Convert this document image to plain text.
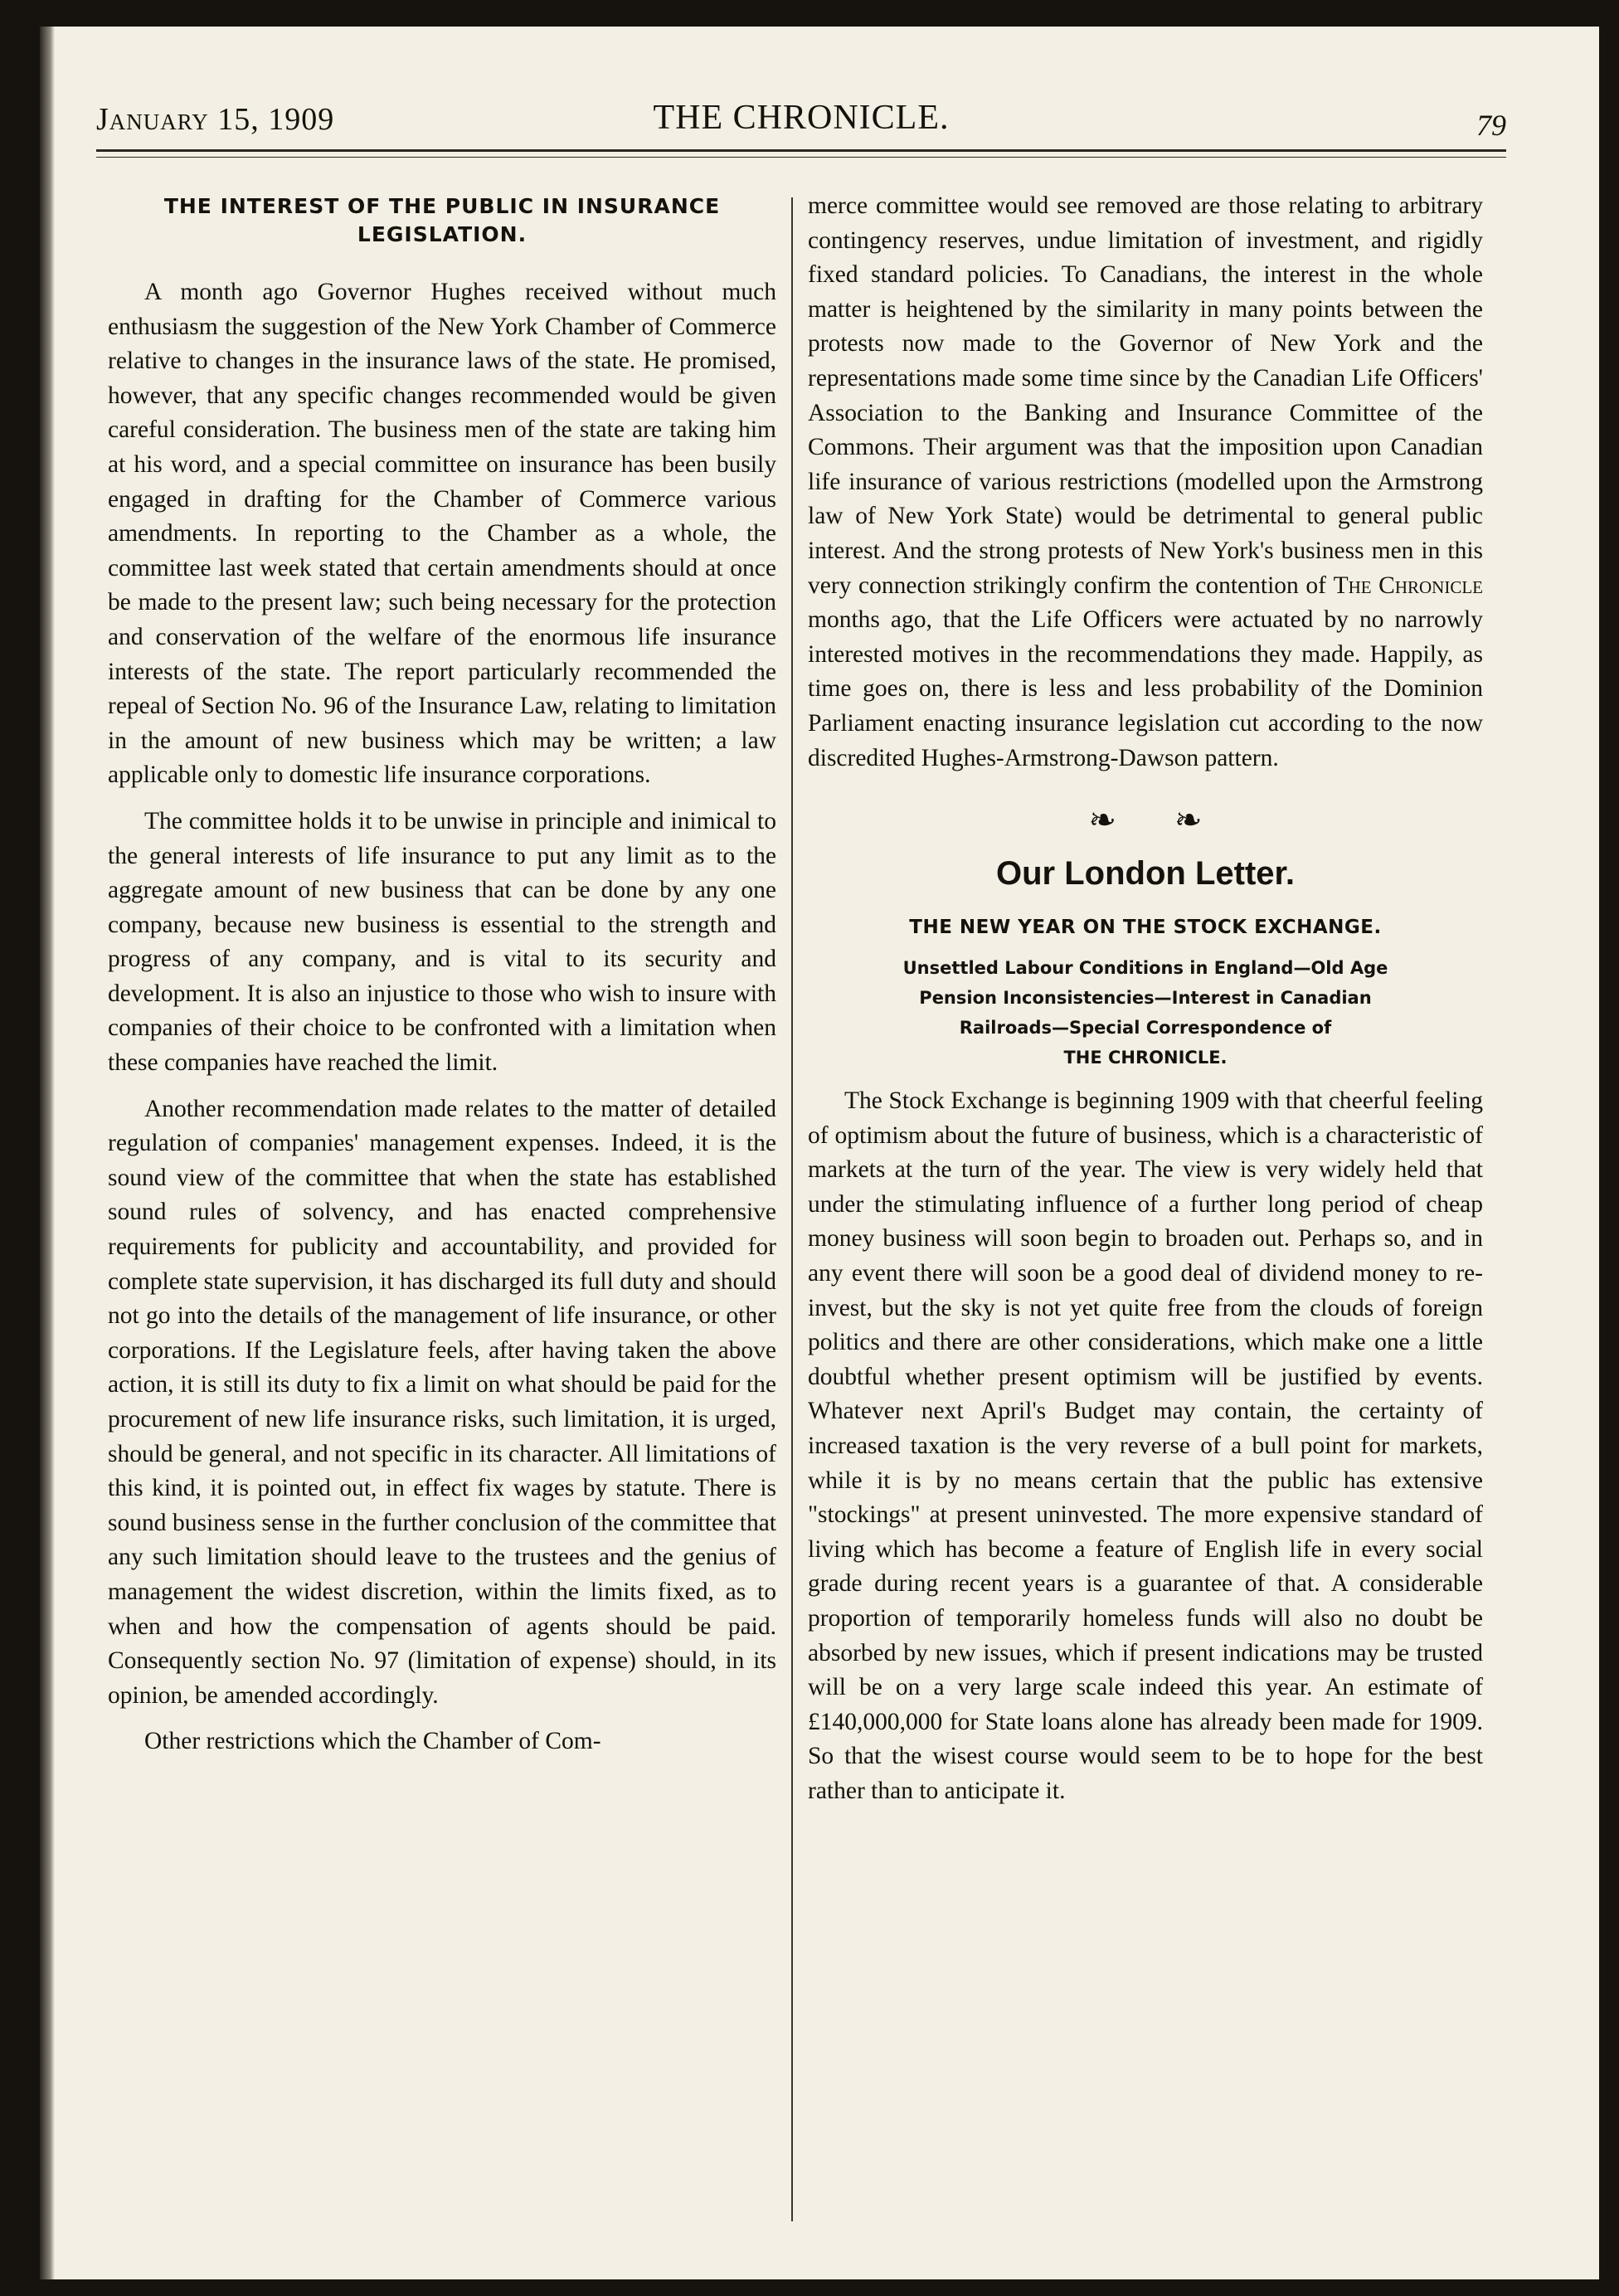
January 15, 1909	THE CHRONICLE.	79
THE INTEREST OF THE PUBLIC IN INSURANCE LEGISLATION.

A month ago Governor Hughes received without much enthusiasm the suggestion of the New York Chamber of Commerce relative to changes in the insurance laws of the state. He promised, however, that any specific changes recommended would be given careful consideration. The business men of the state are taking him at his word, and a special committee on insurance has been busily engaged in drafting for the Chamber of Commerce various amendments. In reporting to the Chamber as a whole, the committee last week stated that certain amendments should at once be made to the present law; such being necessary for the protection and conservation of the welfare of the enormous life insurance interests of the state. The report particularly recommended the repeal of Section No. 96 of the Insurance Law, relating to limitation in the amount of new business which may be written; a law applicable only to domestic life insurance corporations.

The committee holds it to be unwise in principle and inimical to the general interests of life insurance to put any limit as to the aggregate amount of new business that can be done by any one company, because new business is essential to the strength and progress of any company, and is vital to its security and development. It is also an injustice to those who wish to insure with companies of their choice to be confronted with a limitation when these companies have reached the limit.

Another recommendation made relates to the matter of detailed regulation of companies' management expenses. Indeed, it is the sound view of the committee that when the state has established sound rules of solvency, and has enacted comprehensive requirements for publicity and accountability, and provided for complete state supervision, it has discharged its full duty and should not go into the details of the management of life insurance, or other corporations. If the Legislature feels, after having taken the above action, it is still its duty to fix a limit on what should be paid for the procurement of new life insurance risks, such limitation, it is urged, should be general, and not specific in its character. All limitations of this kind, it is pointed out, in effect fix wages by statute. There is sound business sense in the further conclusion of the committee that any such limitation should leave to the trustees and the genius of management the widest discretion, within the limits fixed, as to when and how the compensation of agents should be paid. Consequently section No. 97 (limitation of expense) should, in its opinion, be amended accordingly.

Other restrictions which the Chamber of Com-

merce committee would see removed are those relating to arbitrary contingency reserves, undue limitation of investment, and rigidly fixed standard policies. To Canadians, the interest in the whole matter is heightened by the similarity in many points between the protests now made to the Governor of New York and the representations made some time since by the Canadian Life Officers' Association to the Banking and Insurance Committee of the Commons. Their argument was that the imposition upon Canadian life insurance of various restrictions (modelled upon the Armstrong law of New York State) would be detrimental to general public interest. And the strong protests of New York's business men in this very connection strikingly confirm the contention of The Chronicle months ago, that the Life Officers were actuated by no narrowly interested motives in the recommendations they made. Happily, as time goes on, there is less and less probability of the Dominion Parliament enacting insurance legislation cut according to the now discredited Hughes-Armstrong-Dawson pattern.

❧ ❧
Our London Letter.
THE NEW YEAR ON THE STOCK EXCHANGE.
Unsettled Labour Conditions in England—Old Age
Pension Inconsistencies—Interest in Canadian
Railroads—Special Correspondence of
THE CHRONICLE.

The Stock Exchange is beginning 1909 with that cheerful feeling of optimism about the future of business, which is a characteristic of markets at the turn of the year. The view is very widely held that under the stimulating influence of a further long period of cheap money business will soon begin to broaden out. Perhaps so, and in any event there will soon be a good deal of dividend money to re-invest, but the sky is not yet quite free from the clouds of foreign politics and there are other considerations, which make one a little doubtful whether present optimism will be justified by events. Whatever next April's Budget may contain, the certainty of increased taxation is the very reverse of a bull point for markets, while it is by no means certain that the public has extensive "stockings" at present uninvested. The more expensive standard of living which has become a feature of English life in every social grade during recent years is a guarantee of that. A considerable proportion of temporarily homeless funds will also no doubt be absorbed by new issues, which if present indications may be trusted will be on a very large scale indeed this year. An estimate of £140,000,000 for State loans alone has already been made for 1909. So that the wisest course would seem to be to hope for the best rather than to anticipate it.
